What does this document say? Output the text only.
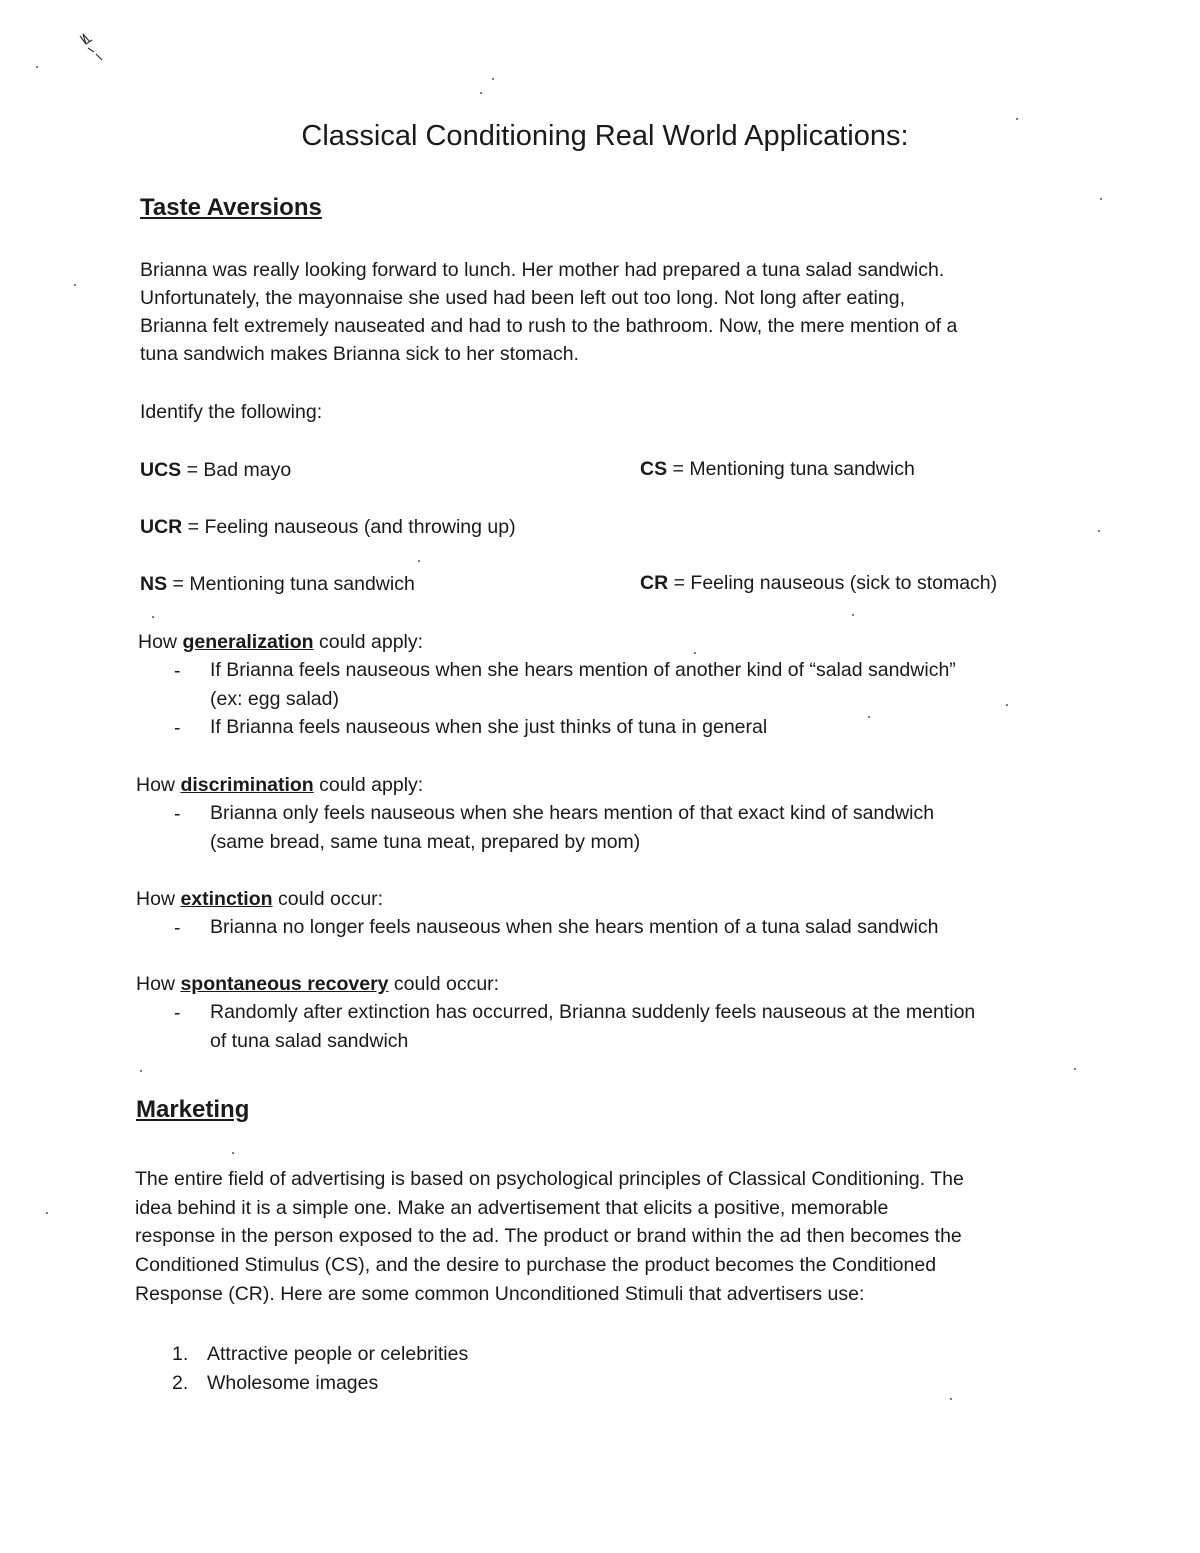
Classical Conditioning Real World Applications:
Taste Aversions

Brianna was really looking forward to lunch. Her mother had prepared a tuna salad sandwich.

Unfortunately, the mayonnaise she used had been left out too long. Not long after eating,

Brianna felt extremely nauseated and had to rush to the bathroom. Now, the mere mention of a

tuna sandwich makes Brianna sick to her stomach.

Identify the following:

UCS = Bad mayo	CS = Mentioning tuna sandwich

UCR = Feeling nauseous (and throwing up)

NS = Mentioning tuna sandwich	CR = Feeling nauseous (sick to stomach)

How generalization could apply:

- If Brianna feels nauseous when she hears mention of another kind of “salad sandwich”

(ex: egg salad)

- If Brianna feels nauseous when she just thinks of tuna in general

How discrimination could apply:

- Brianna only feels nauseous when she hears mention of that exact kind of sandwich

(same bread, same tuna meat, prepared by mom)

How extinction could occur:

- Brianna no longer feels nauseous when she hears mention of a tuna salad sandwich

How spontaneous recovery could occur:

- Randomly after extinction has occurred, Brianna suddenly feels nauseous at the mention

of tuna salad sandwich

Marketing

The entire field of advertising is based on psychological principles of Classical Conditioning. The

idea behind it is a simple one. Make an advertisement that elicits a positive, memorable

response in the person exposed to the ad. The product or brand within the ad then becomes the

Conditioned Stimulus (CS), and the desire to purchase the product becomes the Conditioned

Response (CR). Here are some common Unconditioned Stimuli that advertisers use:

1. Attractive people or celebrities

2. Wholesome images
